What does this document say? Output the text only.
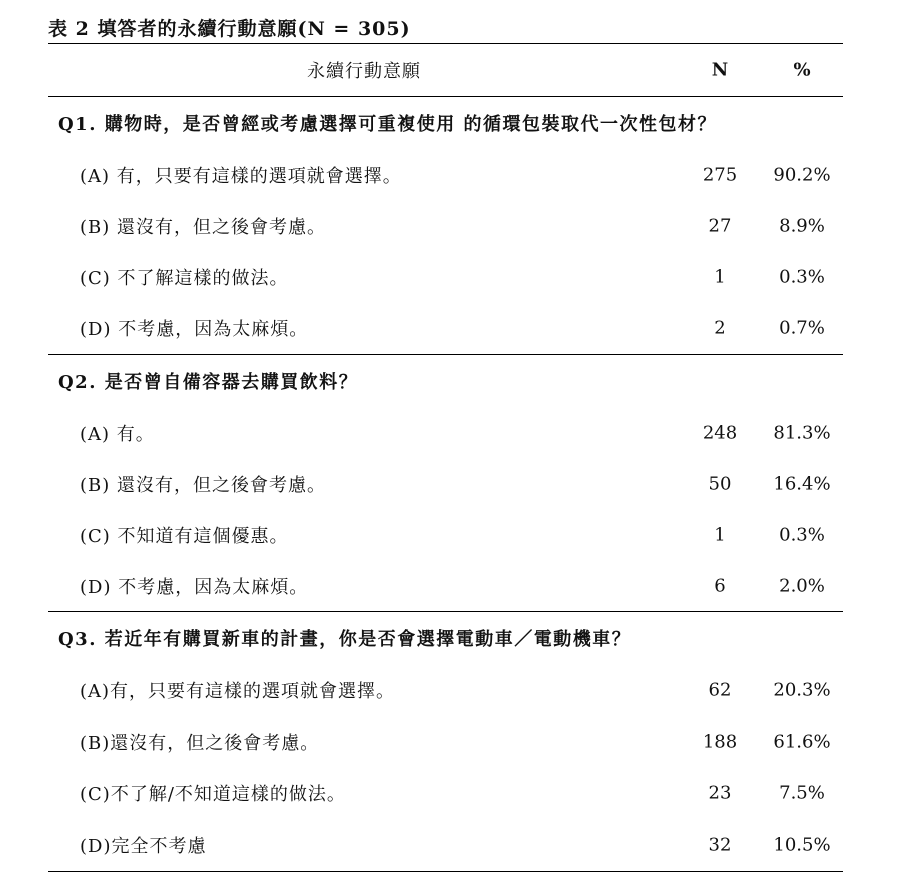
表 2 填答者的永續行動意願(N = 305)
永續行動意願	N	%
Q1. 購物時，是否曾經或考慮選擇可重複使用 的循環包裝取代一次性包材？
(A) 有，只要有這樣的選項就會選擇。	275	90.2%
(B) 還沒有，但之後會考慮。	27	8.9%
(C) 不了解這樣的做法。	1	0.3%
(D) 不考慮，因為太麻煩。	2	0.7%
Q2. 是否曾自備容器去購買飲料？
(A) 有。	248	81.3%
(B) 還沒有，但之後會考慮。	50	16.4%
(C) 不知道有這個優惠。	1	0.3%
(D) 不考慮，因為太麻煩。	6	2.0%
Q3. 若近年有購買新車的計畫，你是否會選擇電動車／電動機車？
(A)有，只要有這樣的選項就會選擇。	62	20.3%
(B)還沒有，但之後會考慮。	188	61.6%
(C)不了解/不知道這樣的做法。	23	7.5%
(D)完全不考慮	32	10.5%
